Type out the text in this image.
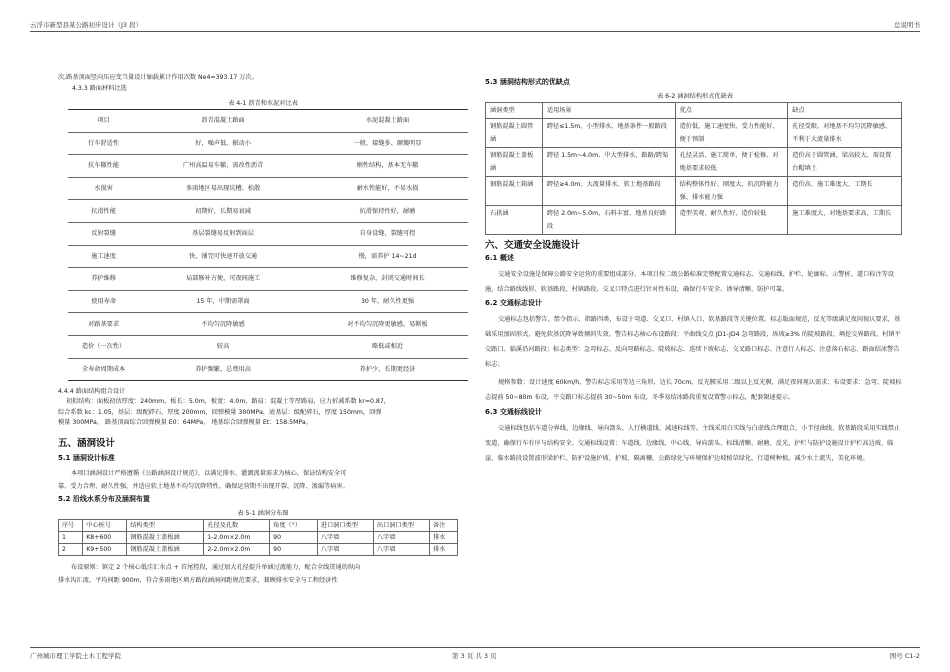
云浮市新型县某公路初步设计（J3 段）	总说明书

次,路基顶面竖向压应变当量设计轴载累计作用次数 Ne4=393.17 万次。

4.3.3 路面材料比选

表 4-1 沥青和水泥对比表

项目	沥青混凝土路面	水泥混凝土路面
行车舒适性	好，噪声低、振动小	一般，接缝多、颠簸明显
抗车辙性能	广州高温易车辙，需改性沥青	刚性结构，基本无车辙
水损害	多雨地区易出现坑槽、松散	耐水性能好，不易水损
抗滑性能	初期好，长期易衰减	抗滑保持性好，耐磨
反射裂缝	基层裂缝易反射到面层	自身设缝，裂缝可控
施工速度	快，铺完可快速开放交通	慢，需养护 14~21d
养护维修	局部修补方便，可夜间施工	维修复杂，封闭交通时间长
使用寿命	15 年，中期需罩面	30 年，耐久性更强
对路基要求	不均匀沉降敏感	对不均匀沉降更敏感，易断板
造价（一次性）	较高	略低或相近
全寿命周期成本	养护频繁，总费用高	养护少，长期更经济

4.4.4 路面结构组合设计

初拟结构：面板初估厚度：240mm，板长：5.0m，板宽：4.0m，路肩：混凝土等厚路肩，应力折减系数 kr=0.87，

综合系数 kc：1.05，基层：级配碎石，厚度 200mm，回弹模量 300MPa，底基层：级配碎石，厚度 150mm，回弹

模量 300MPa， 路基顶面综合回弹模量 E0：64MPa， 地基综合回弹模量 Et：158.5MPa。

五、涵洞设计

5.1 涵洞设计标准

本项目涵洞设计严格遵循《公路涵洞设计规范》，以满足排水、灌溉流量需求为核心，保证结构安全可

靠、受力合理、耐久性强，并适应软土地基不均匀沉降特性，确保运营期不出现开裂、沉降、渗漏等病害。

5.2 沿线水系分布及涵洞布置

表 5-1 涵洞分布图

序号	中心桩号	结构类型	孔径及孔数	角度（°）	进口洞口类型	出口洞口类型	备注
1	K8+600	钢筋混凝土盖板涵	1-2.0m×2.0m	90	八字墙	八字墙	排水
2	K9+500	钢筋混凝土盖板涵	2-2.0m×2.0m	90	八字墙	八字墙	排水

布设原则：镇定 2 个核心低洼汇水点 + 首尾控段，通过加大孔径提升单涵过流能力，配合全线贯通的纵向

排水沟汇流。平均间距 900m，符合多雨地区填方路段涵洞间距规范要求，兼顾排水安全与工程经济性

5.3 涵洞结构形式的优缺点

表 6-2 涵洞结构形式优缺表

涵洞类型	适用场景	优点	缺点
钢筋混凝土圆管涵	跨径≤1.5m、小型排水、地基条件一般路段	造价低、施工速度快、受力性能好、便于预制	孔径受限、对地基不均匀沉降敏感、不利于大流量排水
钢筋混凝土盖板涵	跨径 1.5m~4.0m、中大型排水、路路/跨渠	孔径灵活、施工简单、便于检修、对地基要求较低	造价高于圆管涵、梁高较大、需设置台帽填土
钢筋混凝土箱涵	跨径≥4.0m、大流量排水、软土地基路段	结构整体性好、刚度大、抗沉降能力强、排水能力强	造价高、施工难度大、工期长
石拱涵	跨径 2.0m~5.0m、石料丰富、地基良好路段	造型美观、耐久性好、造价较低	施工难度大、对地基要求高、工期长

六、交通安全设施设计

6.1 概述

交通安全设施是保障公路安全运营的重要组成部分。本项目按二级公路标准完整配置交通标志、交通标线、护栏、轮廓标、示警桩、道口标注等设施，结合路线线形、软基路段、村镇路段、交叉口特点进行针对性布设，确保行车安全、诱导清晰、防护可靠。

6.2 交通标志设计

交通标志包括警告、禁令指示、指路四类，布设于弯道、交叉口、村镇入口、软基路段等关键位置。标志版面规范，反光等级满足夜间视认要求，基础采用加固形式，避免软基沉降导致倾斜失效。警告标志核心布设路段：平曲线交点 JD1-JD4 急弯路段、纵坡≥3% 的陡坡路段、填挖交界路段、村镇平交路口、临溪沿河路段；标志类型：急弯标志、反向弯路标志、陡坡标志、连续下坡标志、交叉路口标志、注意行人标志、注意落石标志、路面结冰警告标志；

规格参数：设计速度 60km/h，警告标志采用等边三角形，边长 70cm，反光膜采用二级以上反光膜，满足夜间视认需求；布设要求：急弯、陡坡标志提前 50~80m 布设，平交路口标志提前 30~50m 布设，冬季易结冰路段重复设置警示标志，配套限速提示。

6.3 交通标线设计

交通标线包括车道分界线、边缘线、导向箭头、人行横道线、减速标线等。主线采用白实线与白虚线合理组合，小半径曲线、软基路段采用实线禁止变道，确保行车有序与结构安全。交通标线设置：车道线、边缘线、中心线、导向箭头、标线清晰、耐磨、反光，护栏与防护设施设计护栏高边坡、临崖、临水路段设置波形梁护栏。防护设施护坡、护坡、隔离栅，公路绿化与环境保护边坡植草绿化，行道树种植，减少水土流失，美化环境。

广州城市理工学院土木工程学院	第 3 页 共 3 页	图号 C1-2
